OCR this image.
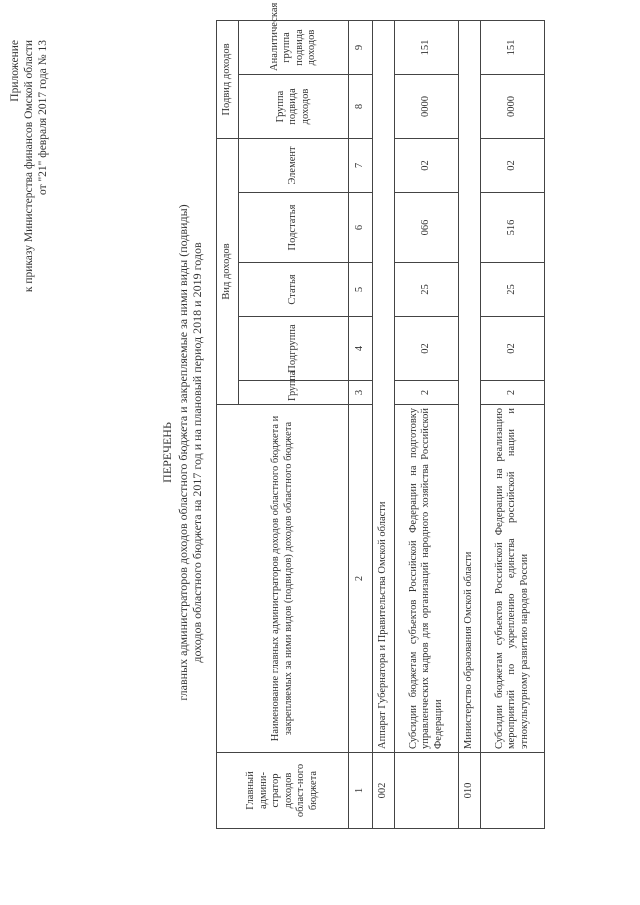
Приложение к приказу Министерства финансов Омской области от "21" февраля 2017 года № 13
ПЕРЕЧЕНЬ главных администраторов доходов областного бюджета и закрепляемые за ними виды (подвиды) доходов областного бюджета на 2017 год и на плановый период 2018 и 2019 годов
Главный админи-стратор доходов област-ного бюджета	Наименование главных администраторов доходов областного бюджета и закрепляемых за ними видов (подвидов) доходов областного бюджета	Вид доходов					Подвид доходов	
		Группа	Подгруппа	Статья	Подстатья	Элемент	Группа подвида доходов	Аналитическая группа подвида доходов
1	2	3	4	5	6	7	8	9
002	Аппарат Губернатора и Правительства Омской области							
	Субсидии бюджетам субъектов Российской Федерации на подготовку управленческих кадров для организаций народного хозяйства Российской Федерации	2	02	25	066	02	0000	151
010	Министерство образования Омской области							
	Субсидии бюджетам субъектов Российской Федерации на реализацию мероприятий по укреплению единства российской нации и этнокультурному развитию народов России	2	02	25	516	02	0000	151
